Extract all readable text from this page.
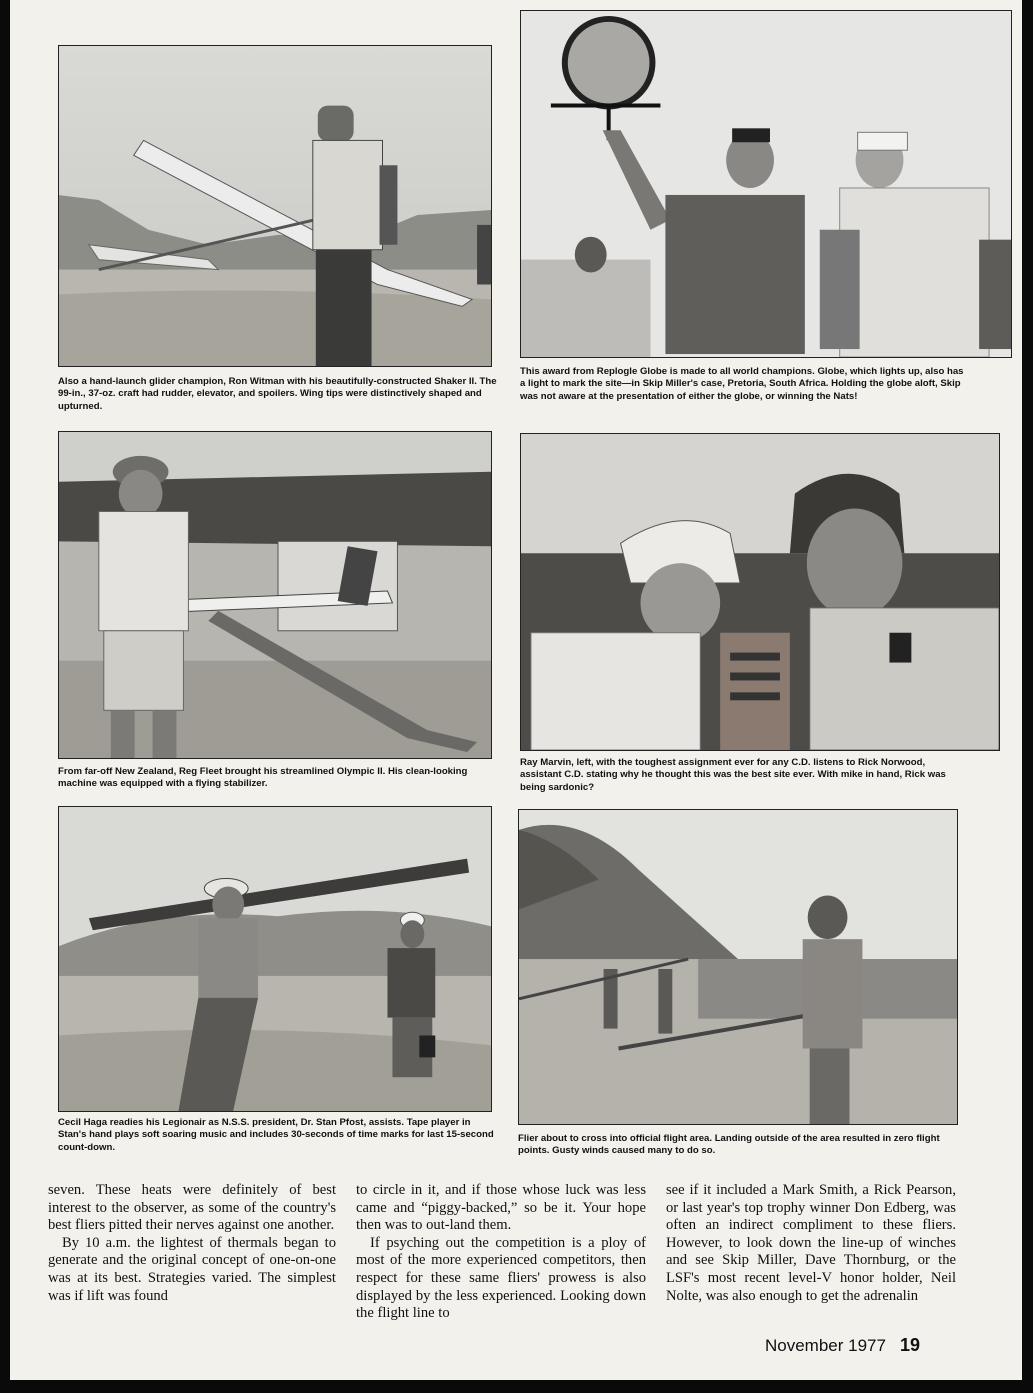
Also a hand-launch glider champion, Ron Witman with his beautifully-constructed Shaker II. The 99-in., 37-oz. craft had rudder, elevator, and spoilers. Wing tips were distinctively shaped and upturned.
This award from Replogle Globe is made to all world champions. Globe, which lights up, also has a light to mark the site—in Skip Miller's case, Pretoria, South Africa. Holding the globe aloft, Skip was not aware at the presentation of either the globe, or winning the Nats!
From far-off New Zealand, Reg Fleet brought his streamlined Olympic II. His clean-looking machine was equipped with a flying stabilizer.
Ray Marvin, left, with the toughest assignment ever for any C.D. listens to Rick Norwood, assistant C.D. stating why he thought this was the best site ever. With mike in hand, Rick was being sardonic?
Cecil Haga readies his Legionair as N.S.S. president, Dr. Stan Pfost, assists. Tape player in Stan's hand plays soft soaring music and includes 30-seconds of time marks for last 15-second count-down.
Flier about to cross into official flight area. Landing outside of the area resulted in zero flight points. Gusty winds caused many to do so.

seven. These heats were definitely of best interest to the observer, as some of the country's best fliers pitted their nerves against one another.

By 10 a.m. the lightest of thermals began to generate and the original concept of one-on-one was at its best. Strategies varied. The simplest was if lift was found

to circle in it, and if those whose luck was less came and “piggy-backed,” so be it. Your hope then was to out-land them.

If psyching out the competition is a ploy of most of the more experienced competitors, then respect for these same fliers' prowess is also displayed by the less experienced. Looking down the flight line to

see if it included a Mark Smith, a Rick Pearson, or last year's top trophy winner Don Edberg, was often an indirect compliment to these fliers. However, to look down the line-up of winches and see Skip Miller, Dave Thornburg, or the LSF's most recent level-V honor holder, Neil Nolte, was also enough to get the adrenalin

November 1977 19
